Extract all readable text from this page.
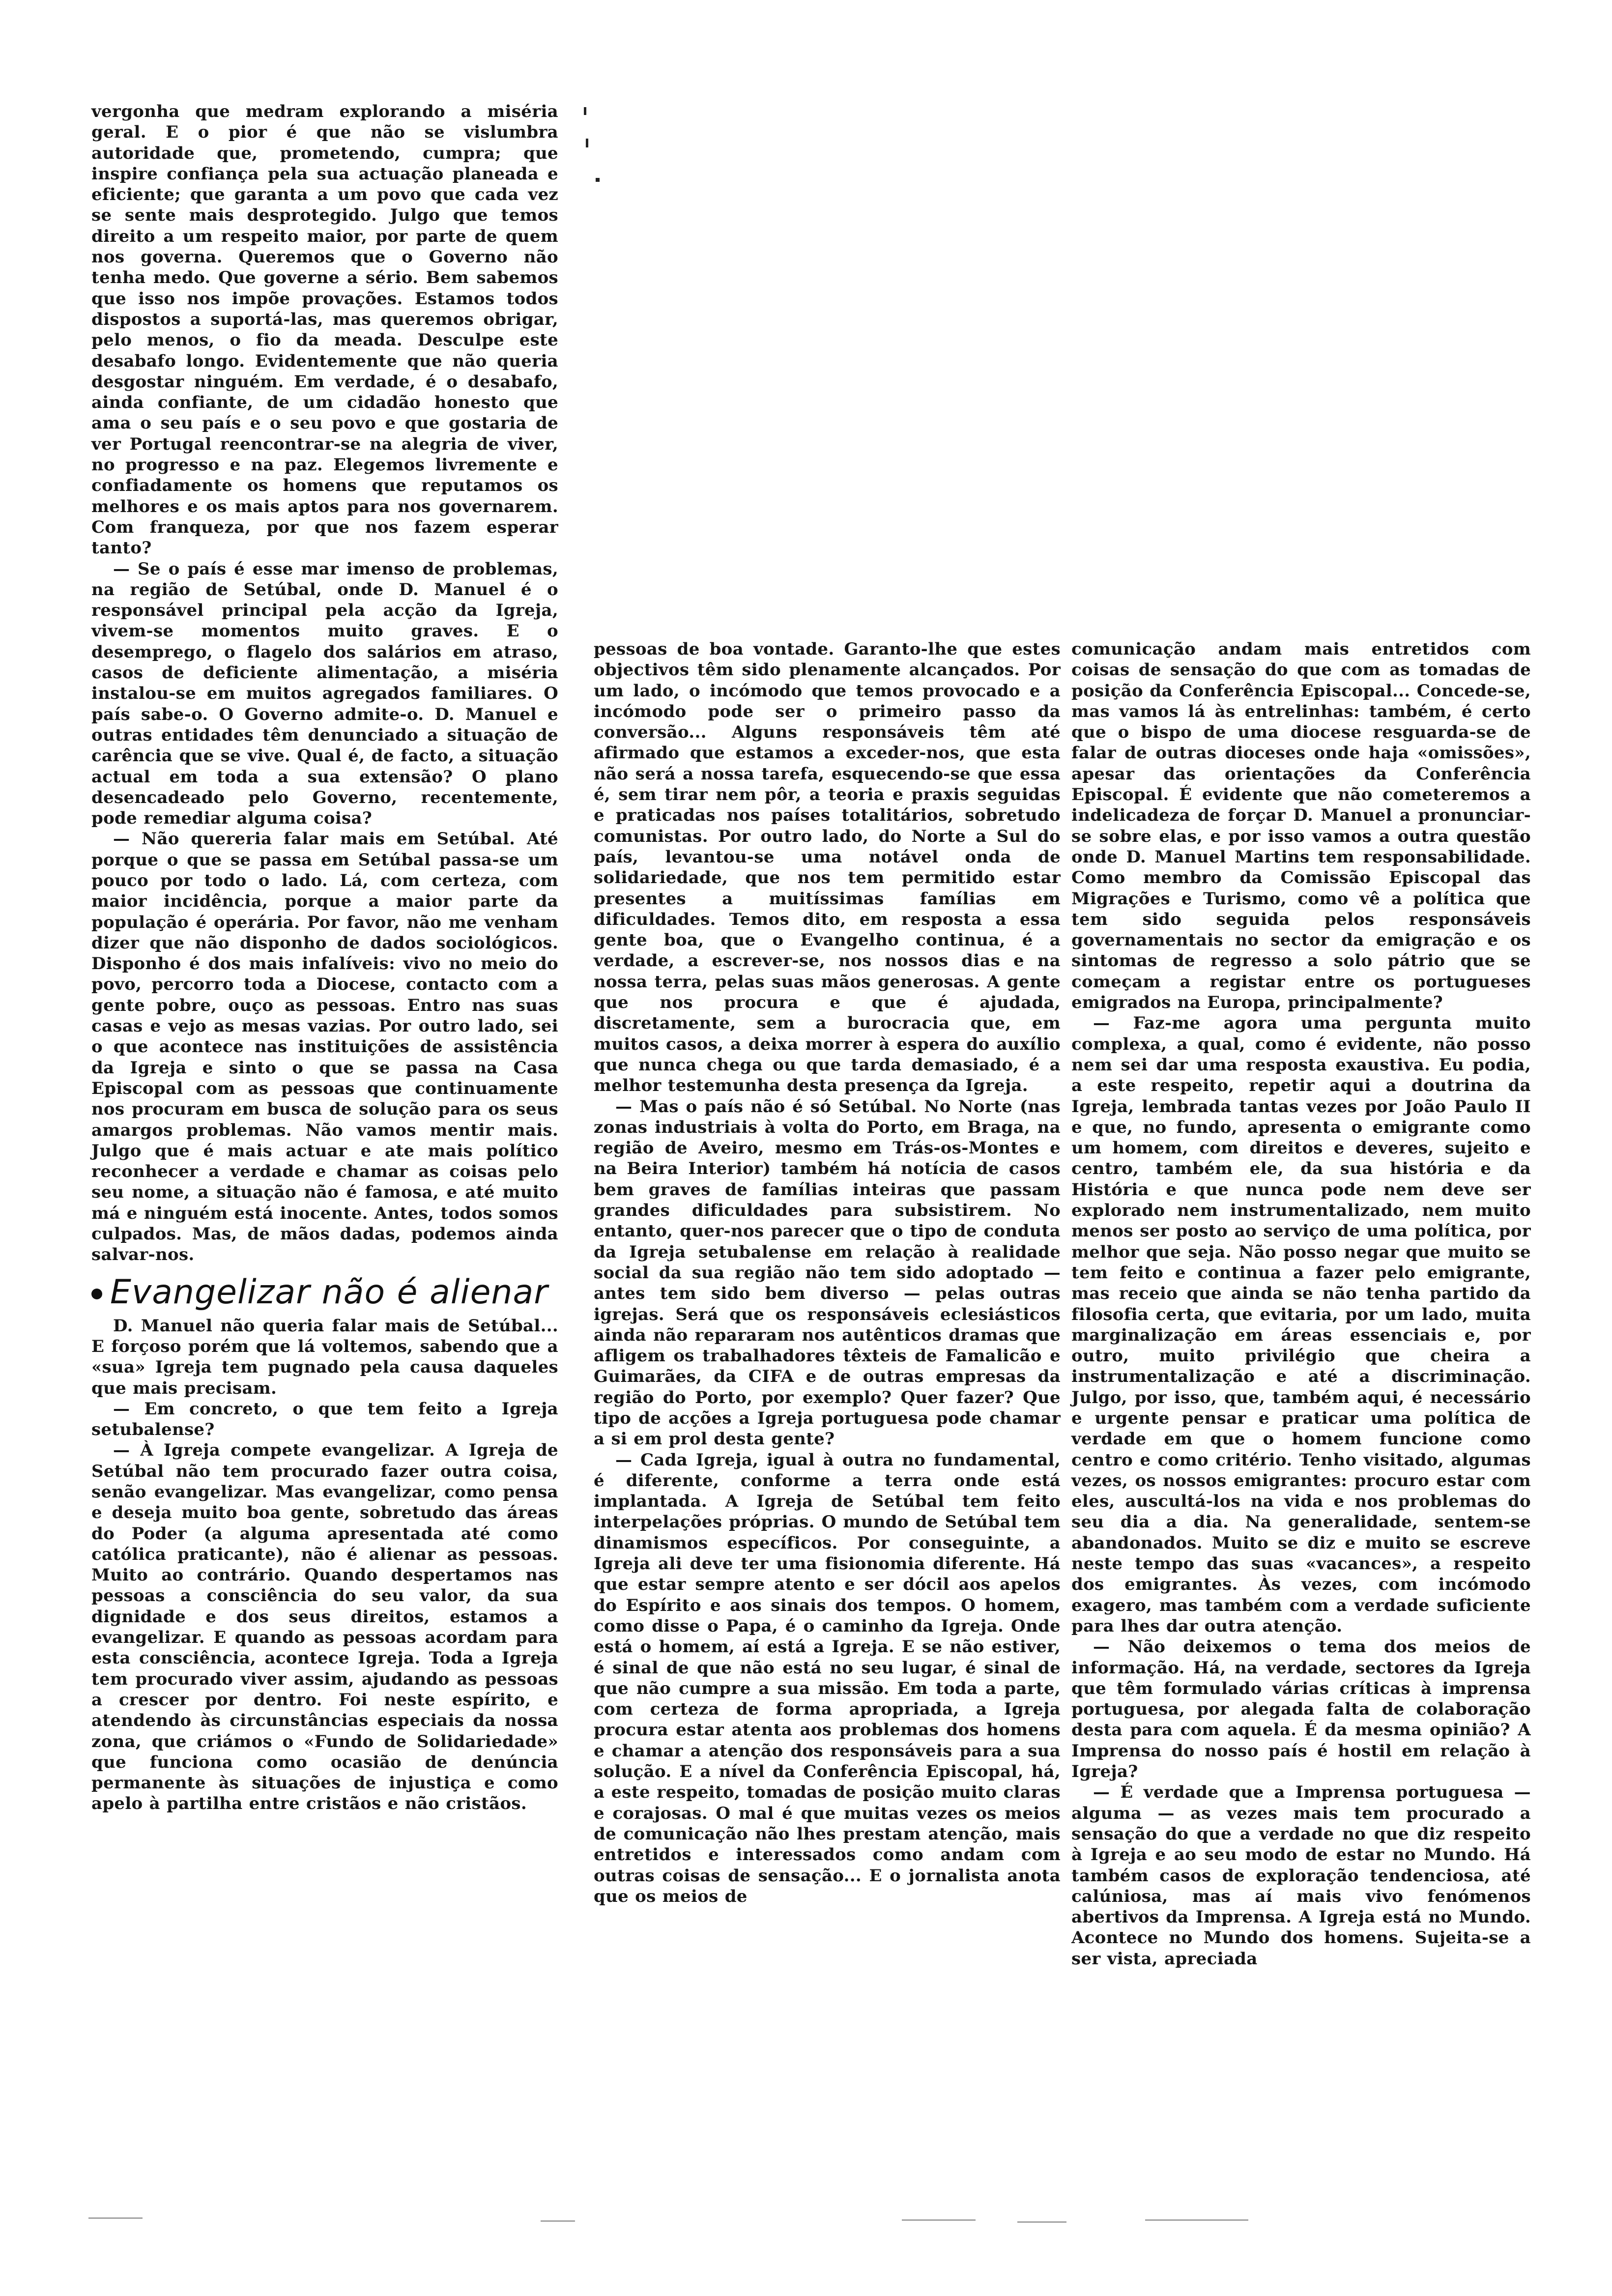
vergonha que medram explorando a miséria geral. E o pior é que não se vislumbra autoridade que, prometendo, cumpra; que inspire confiança pela sua actuação planeada e eficiente; que garanta a um povo que cada vez se sente mais desprotegido. Julgo que temos direito a um respeito maior, por parte de quem nos governa. Queremos que o Governo não tenha medo. Que governe a sério. Bem sabemos que isso nos impõe provações. Estamos todos dispostos a suportá-las, mas queremos obrigar, pelo menos, o fio da meada. Desculpe este desabafo longo. Evidentemente que não queria desgostar ninguém. Em verdade, é o desabafo, ainda confiante, de um cidadão honesto que ama o seu país e o seu povo e que gostaria de ver Portugal reencontrar-se na alegria de viver, no progresso e na paz. Elegemos livremente e confiadamente os homens que reputamos os melhores e os mais aptos para nos governarem. Com franqueza, por que nos fazem esperar tanto?

— Se o país é esse mar imenso de problemas, na região de Setúbal, onde D. Manuel é o responsável principal pela acção da Igreja, vivem-se momentos muito graves. E o desemprego, o flagelo dos salários em atraso, casos de deficiente alimentação, a miséria instalou-se em muitos agregados familiares. O país sabe-o. O Governo admite-o. D. Manuel e outras entidades têm denunciado a situação de carência que se vive. Qual é, de facto, a situação actual em toda a sua extensão? O plano desencadeado pelo Governo, recentemente, pode remediar alguma coisa?

— Não quereria falar mais em Setúbal. Até porque o que se passa em Setúbal passa-se um pouco por todo o lado. Lá, com certeza, com maior incidência, porque a maior parte da população é operária. Por favor, não me venham dizer que não disponho de dados sociológicos. Disponho é dos mais infalíveis: vivo no meio do povo, percorro toda a Diocese, contacto com a gente pobre, ouço as pessoas. Entro nas suas casas e vejo as mesas vazias. Por outro lado, sei o que acontece nas instituições de assistência da Igreja e sinto o que se passa na Casa Episcopal com as pessoas que continuamente nos procuram em busca de solução para os seus amargos problemas. Não vamos mentir mais. Julgo que é mais actuar e ate mais político reconhecer a verdade e chamar as coisas pelo seu nome, a situação não é famosa, e até muito má e ninguém está inocente. Antes, todos somos culpados. Mas, de mãos dadas, podemos ainda salvar-nos.

Evangelizar não é alienar

D. Manuel não queria falar mais de Setúbal... E forçoso porém que lá voltemos, sabendo que a «sua» Igreja tem pugnado pela causa daqueles que mais precisam.

— Em concreto, o que tem feito a Igreja setubalense?

— À Igreja compete evangelizar. A Igreja de Setúbal não tem procurado fazer outra coisa, senão evangelizar. Mas evangelizar, como pensa e deseja muito boa gente, sobretudo das áreas do Poder (a alguma apresentada até como católica praticante), não é alienar as pessoas. Muito ao contrário. Quando despertamos nas pessoas a consciência do seu valor, da sua dignidade e dos seus direitos, estamos a evangelizar. E quando as pessoas acordam para esta consciência, acontece Igreja. Toda a Igreja tem procurado viver assim, ajudando as pessoas a crescer por dentro. Foi neste espírito, e atendendo às circunstâncias especiais da nossa zona, que criámos o «Fundo de Solidariedade» que funciona como ocasião de denúncia permanente às situações de injustiça e como apelo à partilha entre cristãos e não cristãos.

pessoas de boa vontade. Garanto-lhe que estes objectivos têm sido plenamente alcançados. Por um lado, o incómodo que temos provocado e a incómodo pode ser o primeiro passo da conversão... Alguns responsáveis têm até afirmado que estamos a exceder-nos, que esta não será a nossa tarefa, esquecendo-se que essa é, sem tirar nem pôr, a teoria e praxis seguidas e praticadas nos países totalitários, sobretudo comunistas. Por outro lado, do Norte a Sul do país, levantou-se uma notável onda de solidariedade, que nos tem permitido estar presentes a muitíssimas famílias em dificuldades. Temos dito, em resposta a essa gente boa, que o Evangelho continua, é a verdade, a escrever-se, nos nossos dias e na nossa terra, pelas suas mãos generosas. A gente que nos procura e que é ajudada, discretamente, sem a burocracia que, em muitos casos, a deixa morrer à espera do auxílio que nunca chega ou que tarda demasiado, é a melhor testemunha desta presença da Igreja.

— Mas o país não é só Setúbal. No Norte (nas zonas industriais à volta do Porto, em Braga, na região de Aveiro, mesmo em Trás-os-Montes e na Beira Interior) também há notícia de casos bem graves de famílias inteiras que passam grandes dificuldades para subsistirem. No entanto, quer-nos parecer que o tipo de conduta da Igreja setubalense em relação à realidade social da sua região não tem sido adoptado — antes tem sido bem diverso — pelas outras igrejas. Será que os responsáveis eclesiásticos ainda não repararam nos autênticos dramas que afligem os trabalhadores têxteis de Famalicão e Guimarães, da CIFA e de outras empresas da região do Porto, por exemplo? Quer fazer? Que tipo de acções a Igreja portuguesa pode chamar a si em prol desta gente?

— Cada Igreja, igual à outra no fundamental, é diferente, conforme a terra onde está implantada. A Igreja de Setúbal tem feito interpelações próprias. O mundo de Setúbal tem dinamismos específicos. Por conseguinte, a Igreja ali deve ter uma fisionomia diferente. Há que estar sempre atento e ser dócil aos apelos do Espírito e aos sinais dos tempos. O homem, como disse o Papa, é o caminho da Igreja. Onde está o homem, aí está a Igreja. E se não estiver, é sinal de que não está no seu lugar, é sinal de que não cumpre a sua missão. Em toda a parte, com certeza de forma apropriada, a Igreja procura estar atenta aos problemas dos homens e chamar a atenção dos responsáveis para a sua solução. E a nível da Conferência Episcopal, há, a este respeito, tomadas de posição muito claras e corajosas. O mal é que muitas vezes os meios de comunicação não lhes prestam atenção, mais entretidos e interessados como andam com outras coisas de sensação... E o jornalista anota que os meios de

comunicação andam mais entretidos com coisas de sensação do que com as tomadas de posição da Conferência Episcopal... Concede-se, mas vamos lá às entrelinhas: também, é certo que o bispo de uma diocese resguarda-se de falar de outras dioceses onde haja «omissões», apesar das orientações da Conferência Episcopal. É evidente que não cometeremos a indelicadeza de forçar D. Manuel a pronunciar-se sobre elas, e por isso vamos a outra questão onde D. Manuel Martins tem responsabilidade. Como membro da Comissão Episcopal das Migrações e Turismo, como vê a política que tem sido seguida pelos responsáveis governamentais no sector da emigração e os sintomas de regresso a solo pátrio que se começam a registar entre os portugueses emigrados na Europa, principalmente?

— Faz-me agora uma pergunta muito complexa, a qual, como é evidente, não posso nem sei dar uma resposta exaustiva. Eu podia, a este respeito, repetir aqui a doutrina da Igreja, lembrada tantas vezes por João Paulo II e que, no fundo, apresenta o emigrante como um homem, com direitos e deveres, sujeito e centro, também ele, da sua história e da História e que nunca pode nem deve ser explorado nem instrumentalizado, nem muito menos ser posto ao serviço de uma política, por melhor que seja. Não posso negar que muito se tem feito e continua a fazer pelo emigrante, mas receio que ainda se não tenha partido da filosofia certa, que evitaria, por um lado, muita marginalização em áreas essenciais e, por outro, muito privilégio que cheira a instrumentalização e até a discriminação. Julgo, por isso, que, também aqui, é necessário e urgente pensar e praticar uma política de verdade em que o homem funcione como centro e como critério. Tenho visitado, algumas vezes, os nossos emigrantes: procuro estar com eles, auscultá-los na vida e nos problemas do seu dia a dia. Na generalidade, sentem-se abandonados. Muito se diz e muito se escreve neste tempo das suas «vacances», a respeito dos emigrantes. Às vezes, com incómodo exagero, mas também com a verdade suficiente para lhes dar outra atenção.

— Não deixemos o tema dos meios de informação. Há, na verdade, sectores da Igreja que têm formulado várias críticas à imprensa portuguesa, por alegada falta de colaboração desta para com aquela. É da mesma opinião? A Imprensa do nosso país é hostil em relação à Igreja?

— É verdade que a Imprensa portuguesa — alguma — as vezes mais tem procurado a sensação do que a verdade no que diz respeito à Igreja e ao seu modo de estar no Mundo. Há também casos de exploração tendenciosa, até calúniosa, mas aí mais vivo fenómenos abertivos da Imprensa. A Igreja está no Mundo. Acontece no Mundo dos homens. Sujeita-se a ser vista, apreciada
